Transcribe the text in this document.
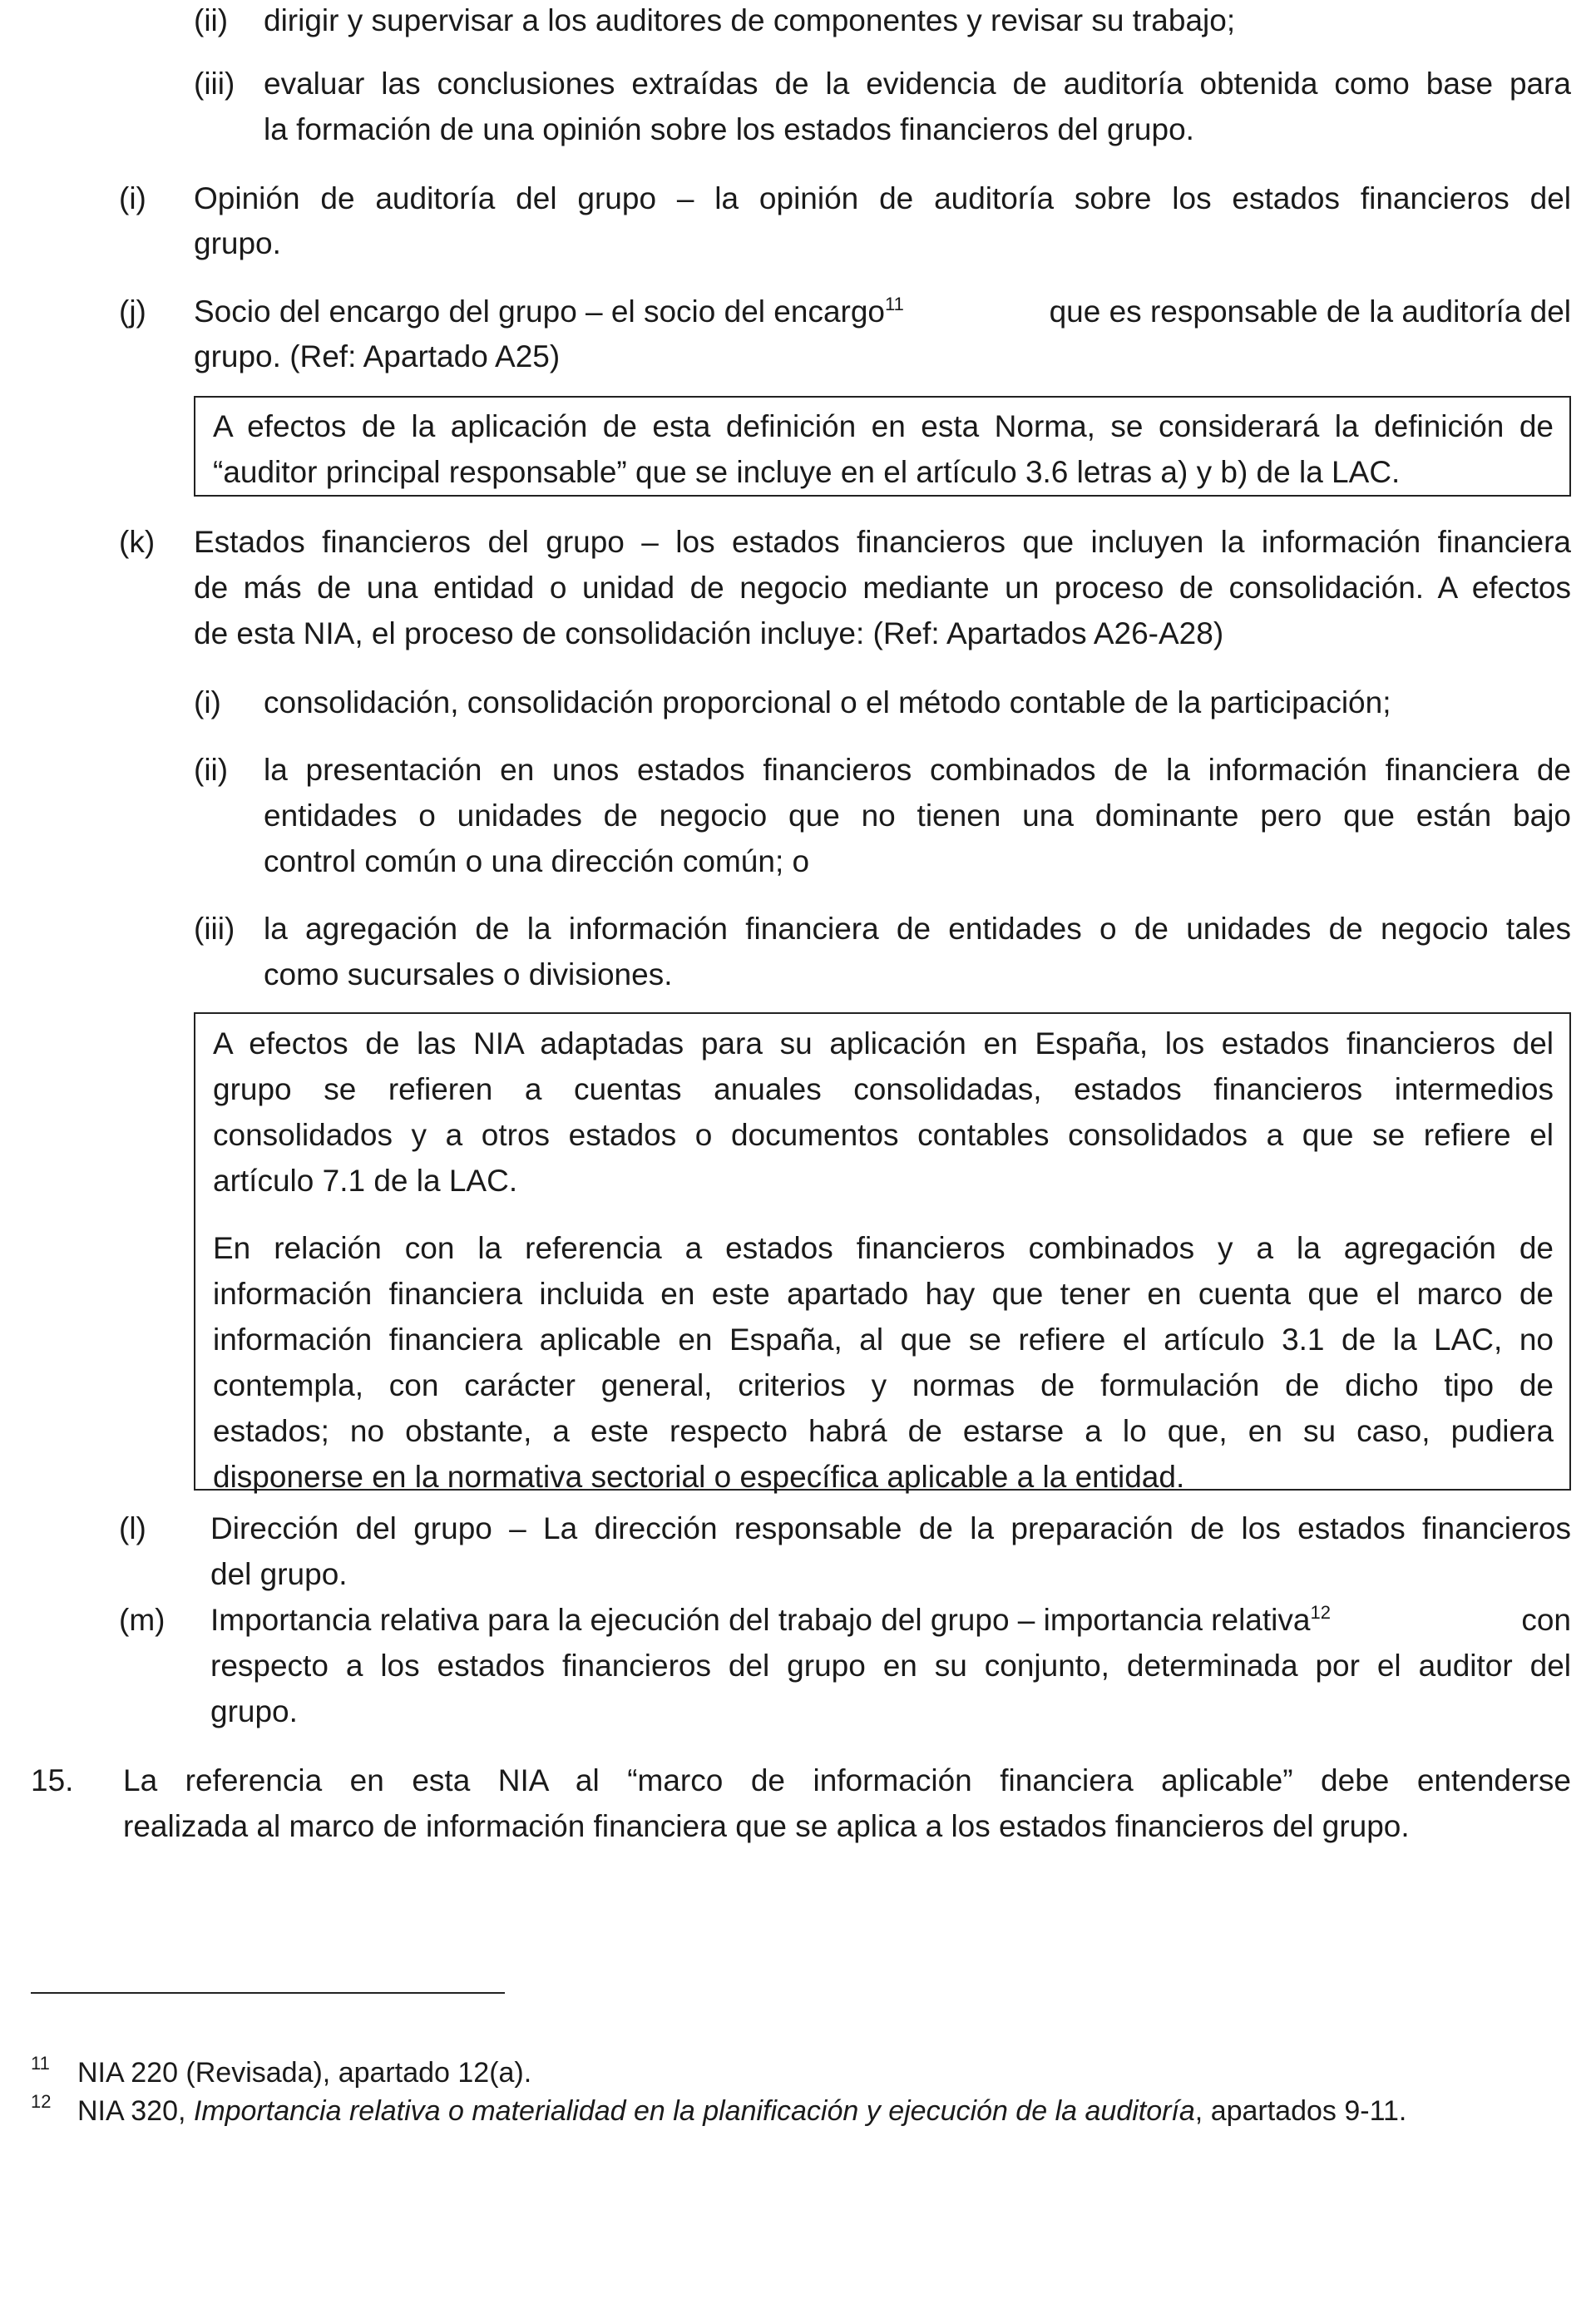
(ii) dirigir y supervisar a los auditores de componentes y revisar su trabajo;
(iii) evaluar las conclusiones extraídas de la evidencia de auditoría obtenida como base para
la formación de una opinión sobre los estados financieros del grupo.
(i) Opinión de auditoría del grupo – la opinión de auditoría sobre los estados financieros del
grupo.
(j) Socio del encargo del grupo – el socio del encargo$^{11}$	que es responsable de la auditoría del
grupo. (Ref: Apartado A25)
A efectos de la aplicación de esta definición en esta Norma, se considerará la definición de
“auditor principal responsable” que se incluye en el artículo 3.6 letras a) y b) de la LAC.
(k) Estados financieros del grupo – los estados financieros que incluyen la información financiera
de más de una entidad o unidad de negocio mediante un proceso de consolidación. A efectos
de esta NIA, el proceso de consolidación incluye: (Ref: Apartados A26-A28)
(i) consolidación, consolidación proporcional o el método contable de la participación;
(ii) la presentación en unos estados financieros combinados de la información financiera de
entidades o unidades de negocio que no tienen una dominante pero que están bajo
control común o una dirección común; o
(iii) la agregación de la información financiera de entidades o de unidades de negocio tales
como sucursales o divisiones.
A efectos de las NIA adaptadas para su aplicación en España, los estados financieros del
grupo se refieren a cuentas anuales consolidadas, estados financieros intermedios
consolidados y a otros estados o documentos contables consolidados a que se refiere el
artículo 7.1 de la LAC.
En relación con la referencia a estados financieros combinados y a la agregación de
información financiera incluida en este apartado hay que tener en cuenta que el marco de
información financiera aplicable en España, al que se refiere el artículo 3.1 de la LAC, no
contempla, con carácter general, criterios y normas de formulación de dicho tipo de
estados; no obstante, a este respecto habrá de estarse a lo que, en su caso, pudiera
disponerse en la normativa sectorial o específica aplicable a la entidad.
(l) Dirección del grupo – La dirección responsable de la preparación de los estados financieros
del grupo.
(m) Importancia relativa para la ejecución del trabajo del grupo – importancia relativa$^{12}$	con
respecto a los estados financieros del grupo en su conjunto, determinada por el auditor del
grupo.
15. La referencia en esta NIA al “marco de información financiera aplicable” debe entenderse
realizada al marco de información financiera que se aplica a los estados financieros del grupo.
11 NIA 220 (Revisada), apartado 12(a).
12 NIA 320, Importancia relativa o materialidad en la planificación y ejecución de la auditoría, apartados 9-11.
